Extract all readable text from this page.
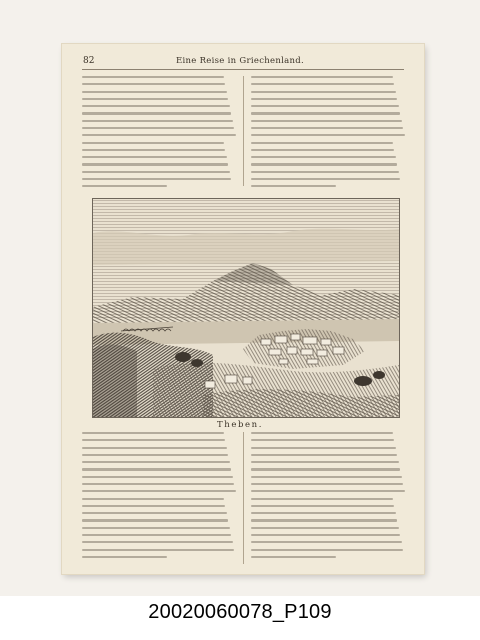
82	Eine Reise in Griechenland.
Theben.
20020060078_P109
